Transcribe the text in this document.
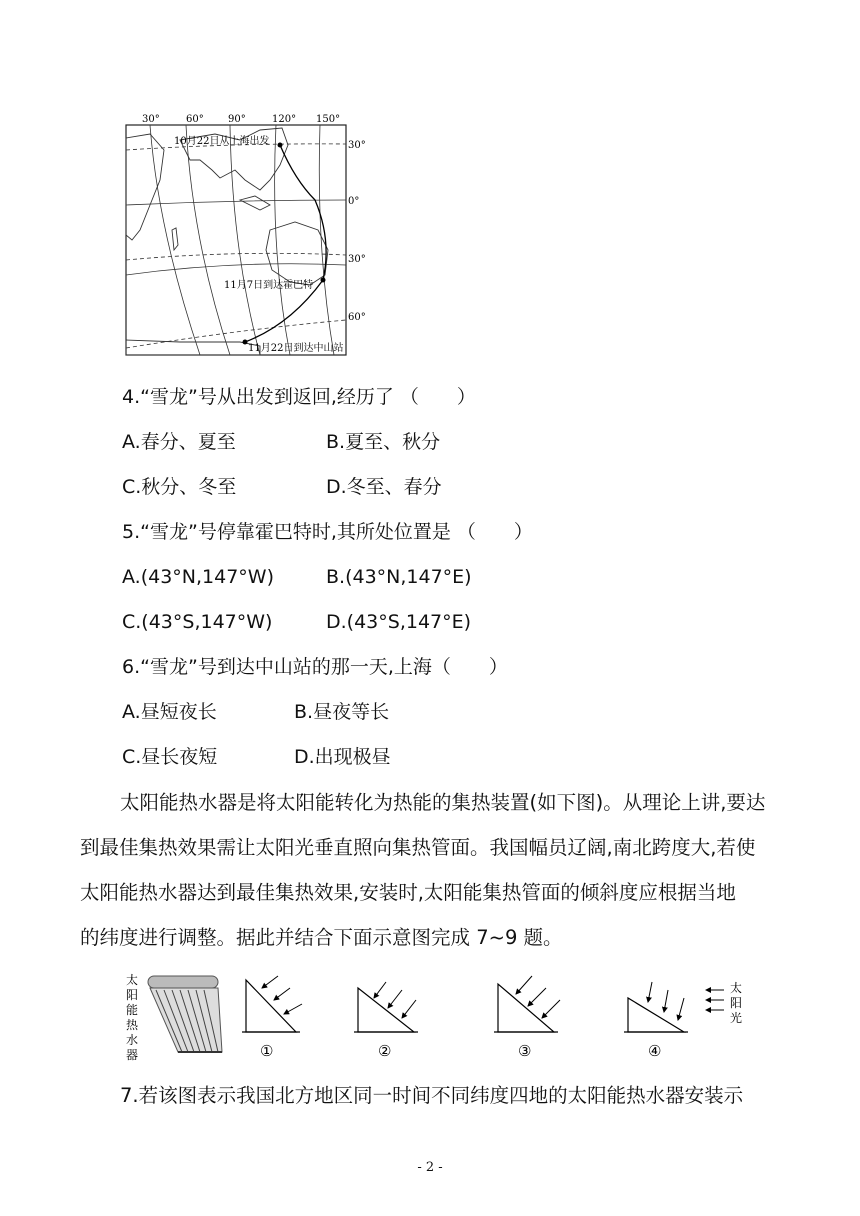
30°	60° 90°	120° 150°
30°
0°
30°
60°
10月22日从上海出发
11月7日到达霍巴特
11月22日到达中山站
4.“雪龙”号从出发到返回,经历了 （　　）
A.春分、夏至	B.夏至、秋分
C.秋分、冬至	D.冬至、春分
5.“雪龙”号停靠霍巴特时,其所处位置是 （　　）
A.(43°N,147°W)	B.(43°N,147°E)
C.(43°S,147°W)	D.(43°S,147°E)
6.“雪龙”号到达中山站的那一天,上海（　　）
A.昼短夜长	B.昼夜等长
C.昼长夜短	D.出现极昼
太阳能热水器是将太阳能转化为热能的集热装置(如下图)。从理论上讲,要达
到最佳集热效果需让太阳光垂直照向集热管面。我国幅员辽阔,南北跨度大,若使
太阳能热水器达到最佳集热效果,安装时,太阳能集热管面的倾斜度应根据当地
的纬度进行调整。据此并结合下面示意图完成 7~9 题。
太
阳
能
热
水
器	①	②	③	④
太
阳
光
7.若该图表示我国北方地区同一时间不同纬度四地的太阳能热水器安装示
- 2 -
